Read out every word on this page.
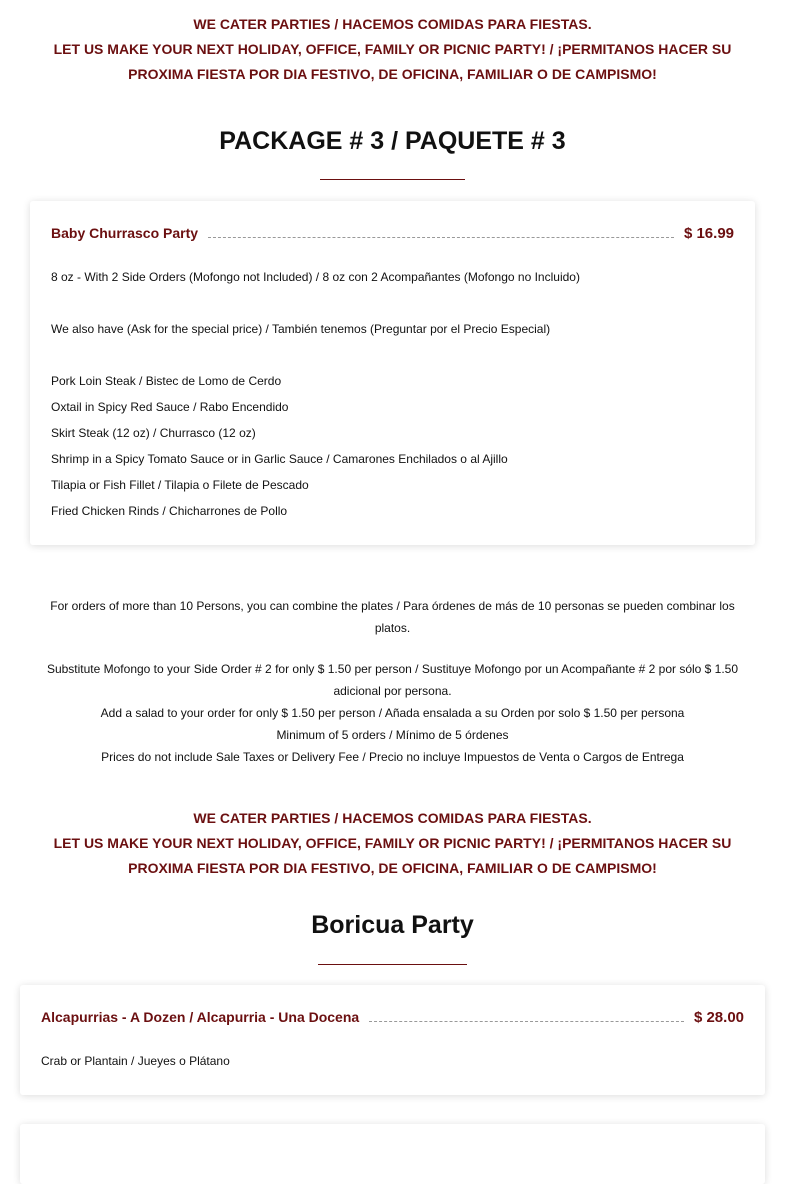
WE CATER PARTIES / HACEMOS COMIDAS PARA FIESTAS.
LET US MAKE YOUR NEXT HOLIDAY, OFFICE, FAMILY OR PICNIC PARTY! / ¡PERMITANOS HACER SU PROXIMA FIESTA POR DIA FESTIVO, DE OFICINA, FAMILIAR O DE CAMPISMO!
PACKAGE # 3 / PAQUETE # 3
Baby Churrasco Party	$ 16.99
8 oz - With 2 Side Orders (Mofongo not Included) / 8 oz con 2 Acompañantes (Mofongo no Incluido)
We also have (Ask for the special price) / También tenemos (Preguntar por el Precio Especial)
Pork Loin Steak / Bistec de Lomo de Cerdo
Oxtail in Spicy Red Sauce / Rabo Encendido
Skirt Steak (12 oz) / Churrasco (12 oz)
Shrimp in a Spicy Tomato Sauce or in Garlic Sauce / Camarones Enchilados o al Ajillo
Tilapia or Fish Fillet / Tilapia o Filete de Pescado
Fried Chicken Rinds / Chicharrones de Pollo
For orders of more than 10 Persons, you can combine the plates / Para órdenes de más de 10 personas se pueden combinar los platos.
Substitute Mofongo to your Side Order # 2 for only $ 1.50 per person / Sustituye Mofongo por un Acompañante # 2 por sólo $ 1.50 adicional por persona.
Add a salad to your order for only $ 1.50 per person / Añada ensalada a su Orden por solo $ 1.50 per persona
Minimum of 5 orders / Mínimo de 5 órdenes
Prices do not include Sale Taxes or Delivery Fee / Precio no incluye Impuestos de Venta o Cargos de Entrega
WE CATER PARTIES / HACEMOS COMIDAS PARA FIESTAS.
LET US MAKE YOUR NEXT HOLIDAY, OFFICE, FAMILY OR PICNIC PARTY! / ¡PERMITANOS HACER SU PROXIMA FIESTA POR DIA FESTIVO, DE OFICINA, FAMILIAR O DE CAMPISMO!
Boricua Party
Alcapurrias - A Dozen / Alcapurria - Una Docena	$ 28.00
Crab or Plantain / Jueyes o Plátano
